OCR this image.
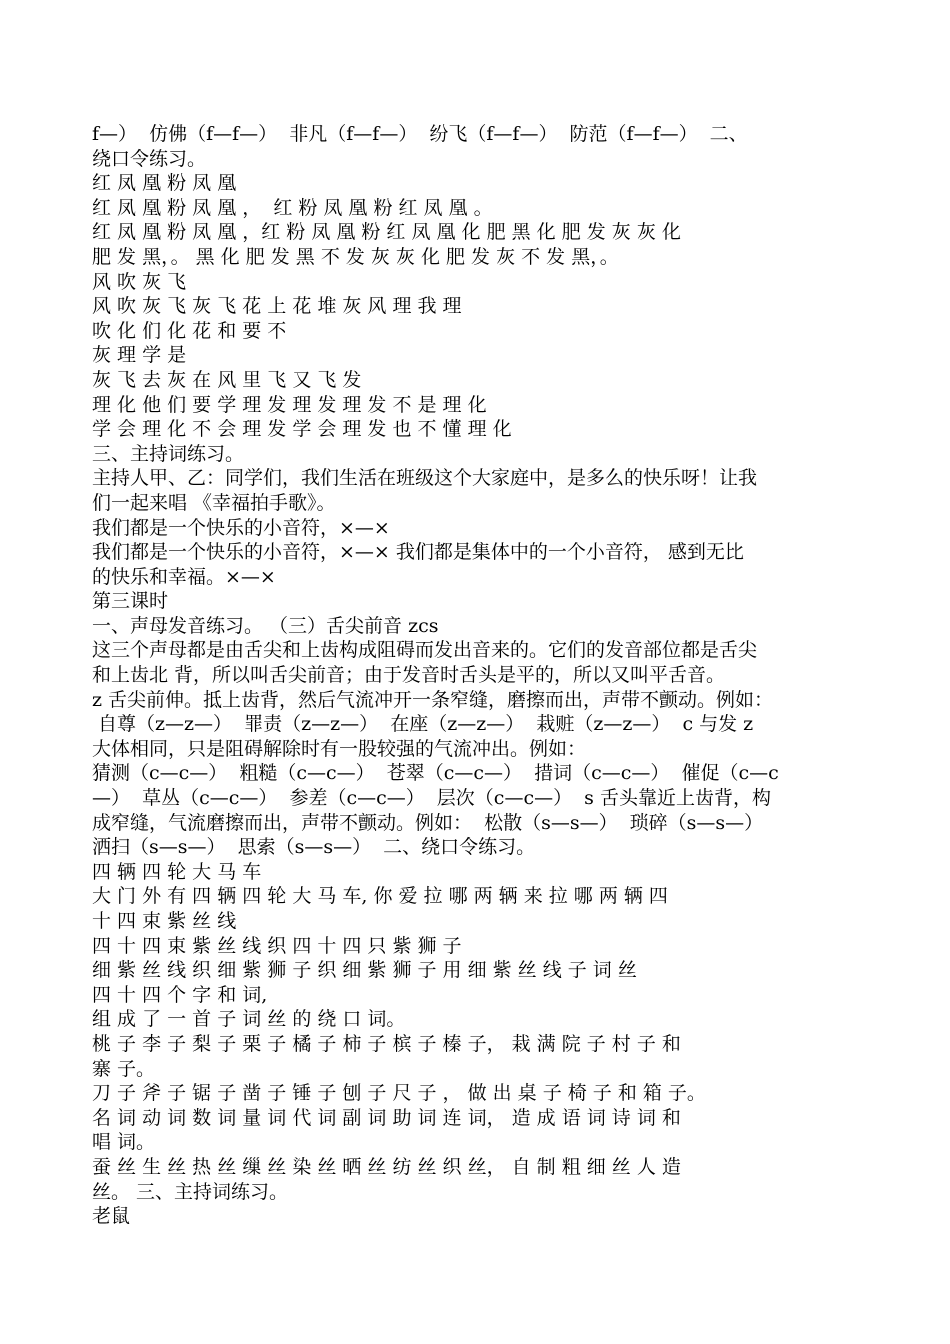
f—）  仿佛（f—f—）  非凡（f—f—）  纷飞（f—f—）  防范（f—f—）  二、
绕口令练习。
红 凤 凰 粉 凤 凰
红 凤 凰 粉 凤 凰 ，  红 粉 凤 凰 粉 红 凤 凰 。
红 凤 凰 粉 凤 凰 ，红 粉 凤 凰 粉 红 凤 凰 化 肥 黑 化 肥 发 灰 灰 化
肥 发 黑，。 黑 化 肥 发 黑 不 发 灰 灰 化 肥 发 灰 不 发 黑，。
风 吹 灰 飞
风 吹 灰 飞 灰 飞 花 上 花 堆 灰 风 理 我 理
吹 化 们 化 花 和 要 不
灰 理 学 是
灰 飞 去 灰 在 风 里 飞 又 飞 发
理 化 他 们 要 学 理 发 理 发 理 发 不 是 理 化
学 会 理 化 不 会 理 发 学 会 理 发 也 不 懂 理 化
三、主持词练习。
主持人甲、乙：同学们，我们生活在班级这个大家庭中，是多么的快乐呀！让我
们一起来唱 《幸福拍手歌》。
我们都是一个快乐的小音符，×—×
我们都是一个快乐的小音符，×—× 我们都是集体中的一个小音符， 感到无比
的快乐和幸福。×—×
第三课时
一、声母发音练习。 （三）舌尖前音 zcs
这三个声母都是由舌尖和上齿构成阻碍而发出音来的。它们的发音部位都是舌尖
和上齿北 背，所以叫舌尖前音；由于发音时舌头是平的，所以又叫平舌音。
z 舌尖前伸。抵上齿背，然后气流冲开一条窄缝，磨擦而出，声带不颤动。例如：
自尊（z—z—）  罪责（z—z—）  在座（z—z—）  栽赃（z—z—）  c 与发 z
大体相同，只是阻碍解除时有一股较强的气流冲出。例如：
猜测（c—c—）  粗糙（c—c—）  苍翠（c—c—）  措词（c—c—）  催促（c—c
—）  草丛（c—c—）  参差（c—c—）  层次（c—c—）  s 舌头靠近上齿背，构
成窄缝，气流磨擦而出，声带不颤动。例如：  松散（s—s—）  琐碎（s—s—）
洒扫（s—s—）  思索（s—s—）  二、绕口令练习。
四 辆 四 轮 大 马 车
大 门 外 有 四 辆 四 轮 大 马 车, 你 爱 拉 哪 两 辆 来 拉 哪 两 辆 四
十 四 束 紫 丝 线
四 十 四 束 紫 丝 线 织 四 十 四 只 紫 狮 子
细 紫 丝 线 织 细 紫 狮 子 织 细 紫 狮 子 用 细 紫 丝 线 子 词 丝
四 十 四 个 字 和 词,
组 成 了 一 首 子 词 丝 的 绕 口 词。
桃 子 李 子 梨 子 栗 子 橘 子 柿 子 槟 子 榛 子， 栽 满 院 子 村 子 和
寨 子。
刀 子 斧 子 锯 子 凿 子 锤 子 刨 子 尺 子 ， 做 出 桌 子 椅 子 和 箱 子。
名 词 动 词 数 词 量 词 代 词 副 词 助 词 连 词， 造 成 语 词 诗 词 和
唱 词。
蚕 丝 生 丝 热 丝 缫 丝 染 丝 晒 丝 纺 丝 织 丝， 自 制 粗 细 丝 人 造
丝。 三、主持词练习。
老鼠
